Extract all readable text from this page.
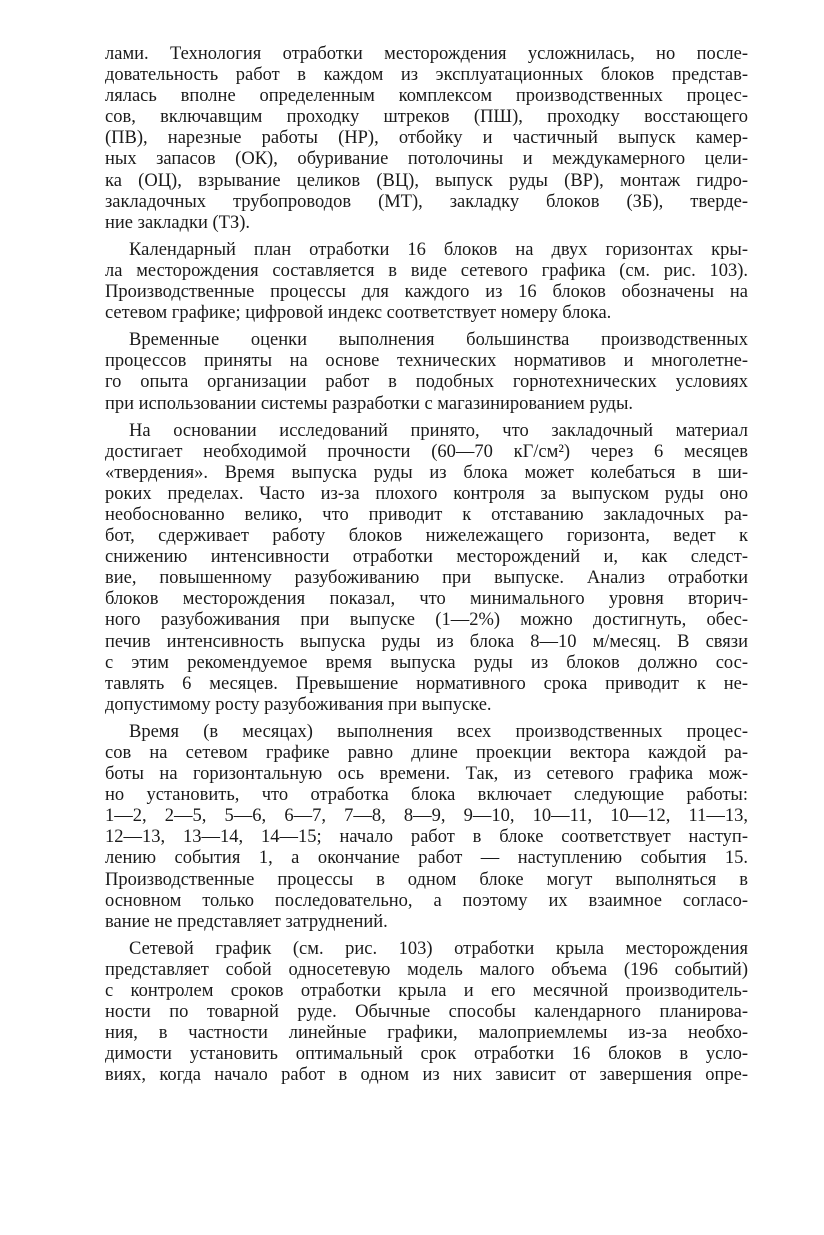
лами. Технология отработки месторождения усложнилась, но после-
довательность работ в каждом из эксплуатационных блоков представ-
лялась вполне определенным комплексом производственных процес-
сов, включавщим проходку штреков (ПШ), проходку восстающего
(ПВ), нарезные работы (НР), отбойку и частичный выпуск камер-
ных запасов (ОК), обуривание потолочины и междукамерного цели-
ка (ОЦ), взрывание целиков (ВЦ), выпуск руды (ВР), монтаж гидро-
закладочных трубопроводов (МТ), закладку блоков (ЗБ), тверде-
ние закладки (ТЗ).
Календарный план отработки 16 блоков на двух горизонтах кры-
ла месторождения составляется в виде сетевого графика (см. рис. 103).
Производственные процессы для каждого из 16 блоков обозначены на
сетевом графике; цифровой индекс соответствует номеру блока.
Временные оценки выполнения большинства производственных
процессов приняты на основе технических нормативов и многолетне-
го опыта организации работ в подобных горнотехнических условиях
при использовании системы разработки с магазинированием руды.
На основании исследований принято, что закладочный материал
достигает необходимой прочности (60—70 кГ/см²) через 6 месяцев
«твердения». Время выпуска руды из блока может колебаться в ши-
роких пределах. Часто из-за плохого контроля за выпуском руды оно
необоснованно велико, что приводит к отставанию закладочных ра-
бот, сдерживает работу блоков нижележащего горизонта, ведет к
снижению интенсивности отработки месторождений и, как следст-
вие, повышенному разубоживанию при выпуске. Анализ отработки
блоков месторождения показал, что минимального уровня вторич-
ного разубоживания при выпуске (1—2%) можно достигнуть, обес-
печив интенсивность выпуска руды из блока 8—10 м/месяц. В связи
с этим рекомендуемое время выпуска руды из блоков должно сос-
тавлять 6 месяцев. Превышение нормативного срока приводит к не-
допустимому росту разубоживания при выпуске.
Время (в месяцах) выполнения всех производственных процес-
сов на сетевом графике равно длине проекции вектора каждой ра-
боты на горизонтальную ось времени. Так, из сетевого графика мож-
но установить, что отработка блока включает следующие работы:
1—2, 2—5, 5—6, 6—7, 7—8, 8—9, 9—10, 10—11, 10—12, 11—13,
12—13, 13—14, 14—15; начало работ в блоке соответствует наступ-
лению события 1, а окончание работ — наступлению события 15.
Производственные процессы в одном блоке могут выполняться в
основном только последовательно, а поэтому их взаимное согласо-
вание не представляет затруднений.
Сетевой график (см. рис. 103) отработки крыла месторождения
представляет собой односетевую модель малого объема (196 событий)
с контролем сроков отработки крыла и его месячной производитель-
ности по товарной руде. Обычные способы календарного планирова-
ния, в частности линейные графики, малоприемлемы из-за необхо-
димости установить оптимальный срок отработки 16 блоков в усло-
виях, когда начало работ в одном из них зависит от завершения опре-
